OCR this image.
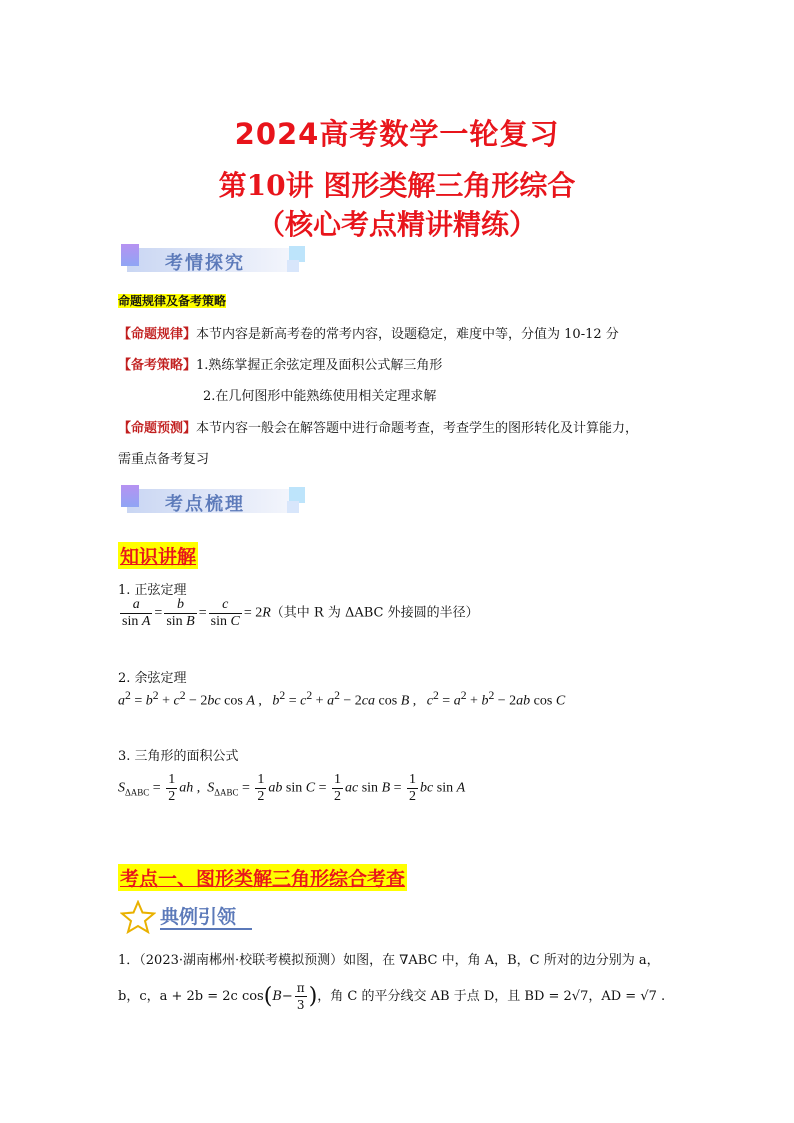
2024高考数学一轮复习
第10讲 图形类解三角形综合
（核心考点精讲精练）
考情探究
命题规律及备考策略
【命题规律】本节内容是新高考卷的常考内容，设题稳定，难度中等，分值为 10-12 分
【备考策略】1.熟练掌握正余弦定理及面积公式解三角形
2.在几何图形中能熟练使用相关定理求解
【命题预测】本节内容一般会在解答题中进行命题考查，考查学生的图形转化及计算能力，
需重点备考复习
考点梳理
知识讲解
1. 正弦定理
$\frac{a}{\text{sin A}} = \frac{b}{\text{sin B}} = \frac{c}{\text{sin C}} = 2R$（其中 R 为 ΔABC 外接圆的半径）
2. 余弦定理
$a^2 = b^2 + c^2 - 2bc$ cos A ,   $b^2 = c^2 + a^2 - 2ca$ cos B ,   $c^2 = a^2 + b^2 - 2ab$ cos C
3. 三角形的面积公式
$S_{\Delta ABC} = \frac{1}{2}$ ah ,  $S_{\Delta ABC} = \frac{1}{2}$ ab $\sin C = \frac{1}{2}$ ac $\sin B = \frac{1}{2}$ bc sin A
考点一、图形类解三角形综合考查
典例引领
1．（2023·湖南郴州·校联考模拟预测）如图，在 ∇ABC 中，角 A，B，C 所对的边分别为 a，
b，c，a + 2b = 2c $\cos(B- \frac{\pi}{3}$ )，角 C 的平分线交 AB 于点 D，且 BD = 2√7，AD = √7 .
